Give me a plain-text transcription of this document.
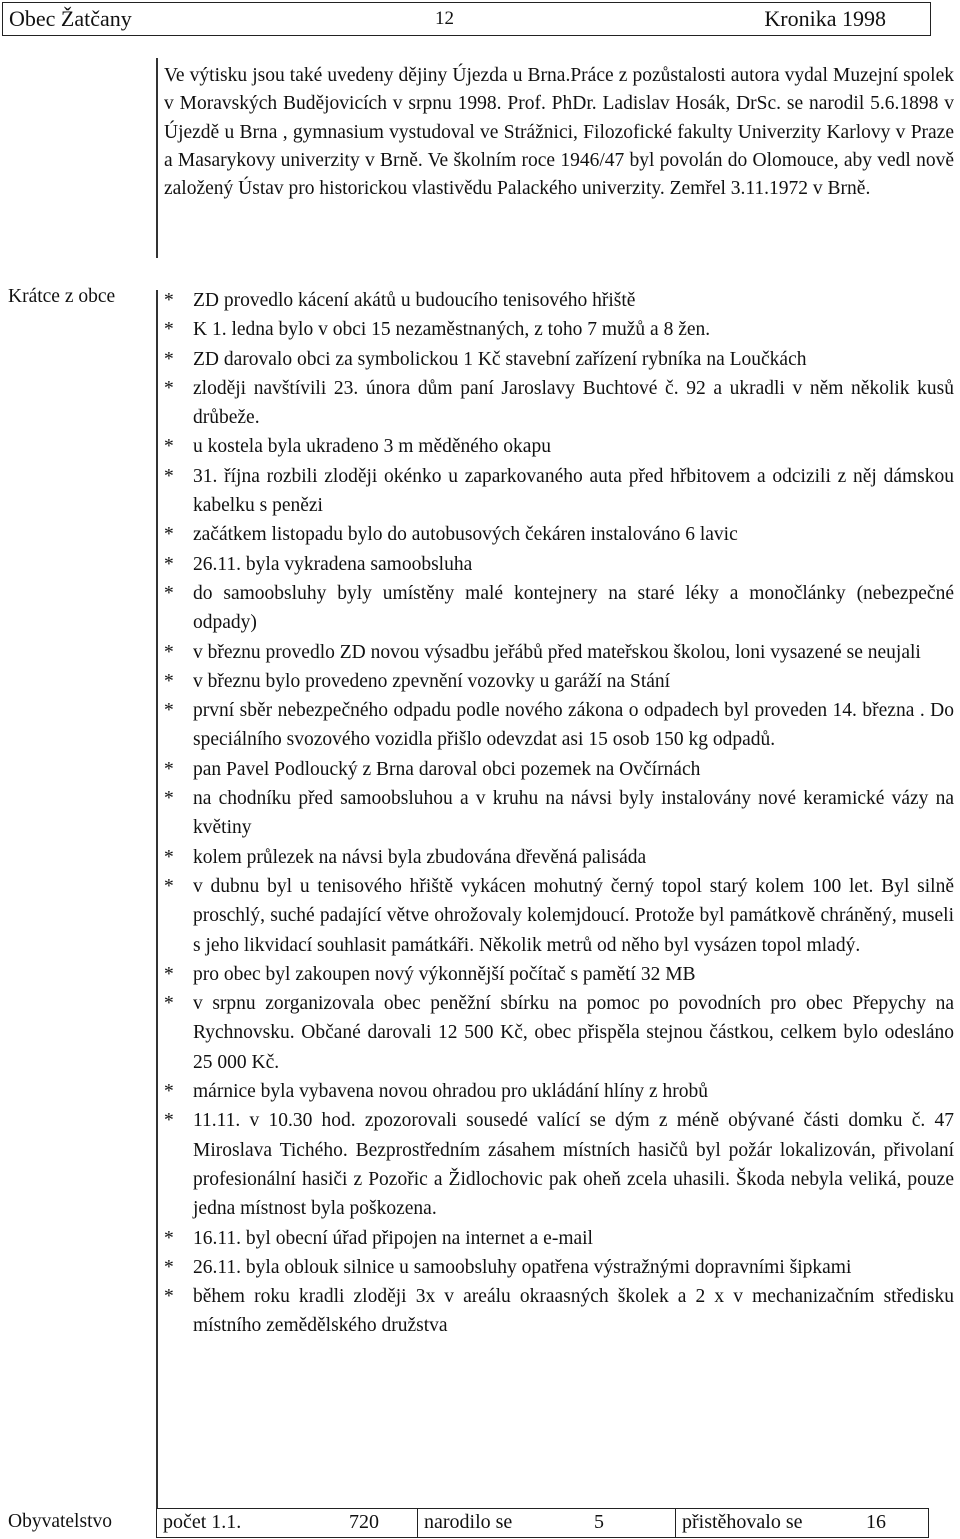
Obec Žatčany	12	Kronika 1998

Ve výtisku jsou také uvedeny dějiny Újezda u Brna.Práce z pozůstalosti autora vydal Muzejní spolek v Moravských Budějovicích v srpnu 1998. Prof. PhDr. Ladislav Hosák, DrSc. se narodil 5.6.1898 v Újezdě u Brna , gymnasium vystudoval ve Strážnici, Filozofické fakulty Univerzity Karlovy v Praze a Masarykovy univerzity v Brně. Ve školním roce 1946/47 byl povolán do Olomouce, aby vedl nově založený Ústav pro historickou vlastivědu Palackého univerzity. Zemřel 3.11.1972 v Brně.

Krátce z obce	* ZD provedlo kácení akátů u budoucího tenisového hřiště
* K 1. ledna bylo v obci 15 nezaměstnaných, z toho 7 mužů a 8 žen.
* ZD darovalo obci za symbolickou 1 Kč stavební zařízení rybníka na Loučkách
* zloději navštívili 23. února dům paní Jaroslavy Buchtové č. 92 a ukradli v něm několik kusů drůbeže.
* u kostela byla ukradeno 3 m měděného okapu
* 31. října rozbili zloději okénko u zaparkovaného auta před hřbitovem a odcizili z něj dámskou kabelku s penězi
* začátkem listopadu bylo do autobusových čekáren instalováno 6 lavic
* 26.11. byla vykradena samoobsluha
* do samoobsluhy byly umístěny malé kontejnery na staré léky a monočlánky (nebezpečné odpady)
* v březnu provedlo ZD novou výsadbu jeřábů před mateřskou školou, loni vysazené se neujali
* v březnu bylo provedeno zpevnění vozovky u garáží na Stání
* první sběr nebezpečného odpadu podle nového zákona o odpadech byl proveden 14. března . Do speciálního svozového vozidla přišlo odevzdat asi 15 osob 150 kg odpadů.
* pan Pavel Podloucký z Brna daroval obci pozemek na Ovčírnách
* na chodníku před samoobsluhou a v kruhu na návsi byly instalovány nové keramické vázy na květiny
* kolem průlezek na návsi byla zbudována dřevěná palisáda
* v dubnu byl u tenisového hřiště vykácen mohutný černý topol starý kolem 100 let. Byl silně proschlý, suché padající větve ohrožovaly kolemjdoucí. Protože byl památkově chráněný, museli s jeho likvidací souhlasit památkáři. Několik metrů od něho byl vysázen topol mladý.
* pro obec byl zakoupen nový výkonnější počítač s pamětí 32 MB
* v srpnu zorganizovala obec peněžní sbírku na pomoc po povodních pro obec Přepychy na Rychnovsku. Občané darovali 12 500 Kč, obec přispěla stejnou částkou, celkem bylo odesláno 25 000 Kč.
* márnice byla vybavena novou ohradou pro ukládání hlíny z hrobů
* 11.11. v 10.30 hod. zpozorovali sousedé valící se dým z méně obývané části domku č. 47 Miroslava Tichého. Bezprostředním zásahem místních hasičů byl požár lokalizován, přivolaní profesionální hasiči z Pozořic a Židlochovic pak oheň zcela uhasili. Škoda nebyla veliká, pouze jedna místnost byla poškozena.
* 16.11. byl obecní úřad připojen na internet a e-mail
* 26.11. byla oblouk silnice u samoobsluhy opatřena výstražnými dopravními šipkami
* během roku kradli zloději 3x v areálu okraasných školek a 2 x v mechanizačním středisku místního zemědělského družstva
Obyvatelstvo	počet 1.1.	720 narodilo se	5	přistěhovalo se	16
